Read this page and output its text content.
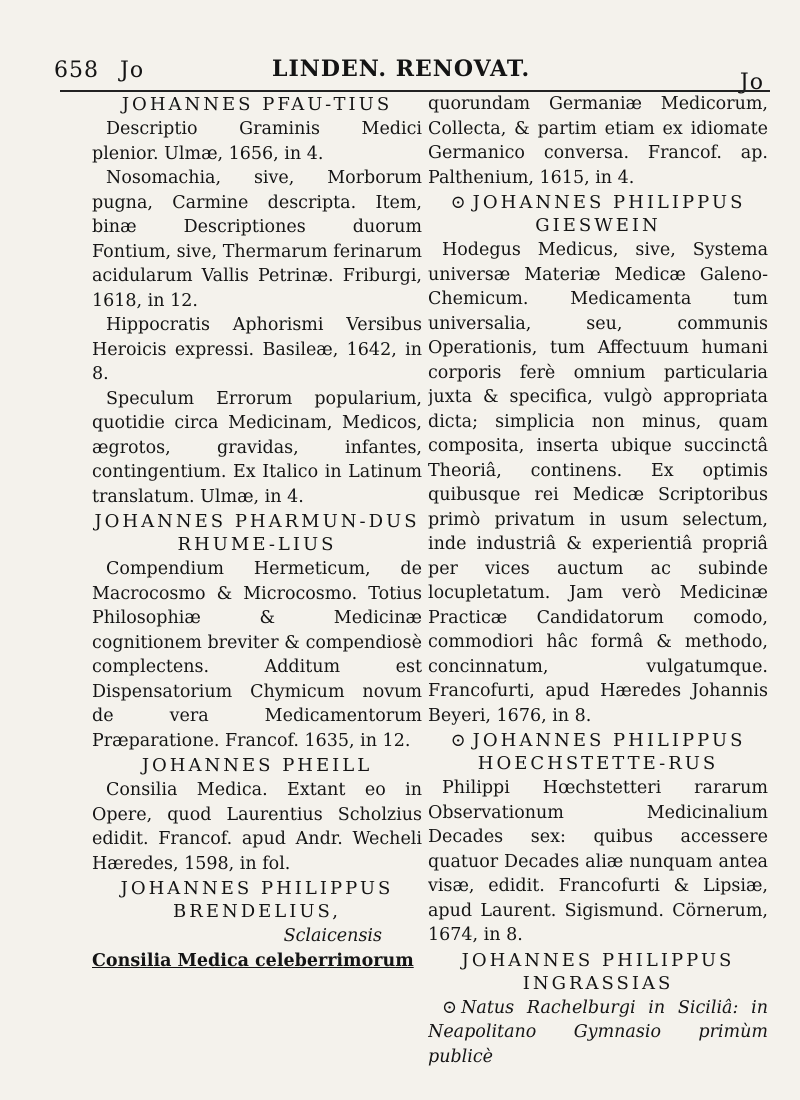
658 Jo	LINDEN. RENOVAT.
Jo
JOHANNES PFAU-TIUS

Descriptio Graminis Medici plenior. Ulmæ, 1656, in 4.

Nosomachia, sive, Morborum pugna, Carmine descripta. Item, binæ Descriptiones duorum Fontium, sive, Thermarum ferinarum acidularum Vallis Petrinæ. Friburgi, 1618, in 12.

Hippocratis Aphorismi Versibus Heroicis expressi. Basileæ, 1642, in 8.

Speculum Errorum popularium, quotidie circa Medicinam, Medicos, ægrotos, gravidas, infantes, contingentium. Ex Italico in Latinum translatum. Ulmæ, in 4.

JOHANNES PHARMUN-DUS RHUME-LIUS

Compendium Hermeticum, de Macrocosmo & Microcosmo. Totius Philosophiæ & Medicinæ cognitionem breviter & compendiosè complectens. Additum est Dispensatorium Chymicum novum de vera Medicamentorum Præparatione. Francof. 1635, in 12.

JOHANNES PHEILL

Consilia Medica. Extant eo in Opere, quod Laurentius Scholzius edidit. Francof. apud Andr. Wecheli Hæredes, 1598, in fol.

JOHANNES PHILIPPUS BRENDELIUS,

Sclaicensis

Consilia Medica celeberrimorum

quorundam Germaniæ Medicorum, Collecta, & partim etiam ex idiomate Germanico conversa. Francof. ap. Palthenium, 1615, in 4.

⊙ JOHANNES PHILIPPUS GIESWEIN

Hodegus Medicus, sive, Systema universæ Materiæ Medicæ Galeno-Chemicum. Medicamenta tum universalia, seu, communis Operationis, tum Affectuum humani corporis ferè omnium particularia juxta & specifica, vulgò appropriata dicta; simplicia non minus, quam composita, inserta ubique succinctâ Theoriâ, continens. Ex optimis quibusque rei Medicæ Scriptoribus primò privatum in usum selectum, inde industriâ & experientiâ propriâ per vices auctum ac subinde locupletatum. Jam verò Medicinæ Practicæ Candidatorum comodo, commodiori hâc formâ & methodo, concinnatum, vulgatumque. Francofurti, apud Hæredes Johannis Beyeri, 1676, in 8.

⊙ JOHANNES PHILIPPUS HOECHSTETTE-RUS

Philippi Hœchstetteri rararum Observationum Medicinalium Decades sex: quibus accessere quatuor Decades aliæ nunquam antea visæ, edidit. Francofurti & Lipsiæ, apud Laurent. Sigismund. Cörnerum, 1674, in 8.

JOHANNES PHILIPPUS INGRASSIAS

⊙ Natus Rachelburgi in Siciliâ: in Neapolitano Gymnasio primùm publicè
